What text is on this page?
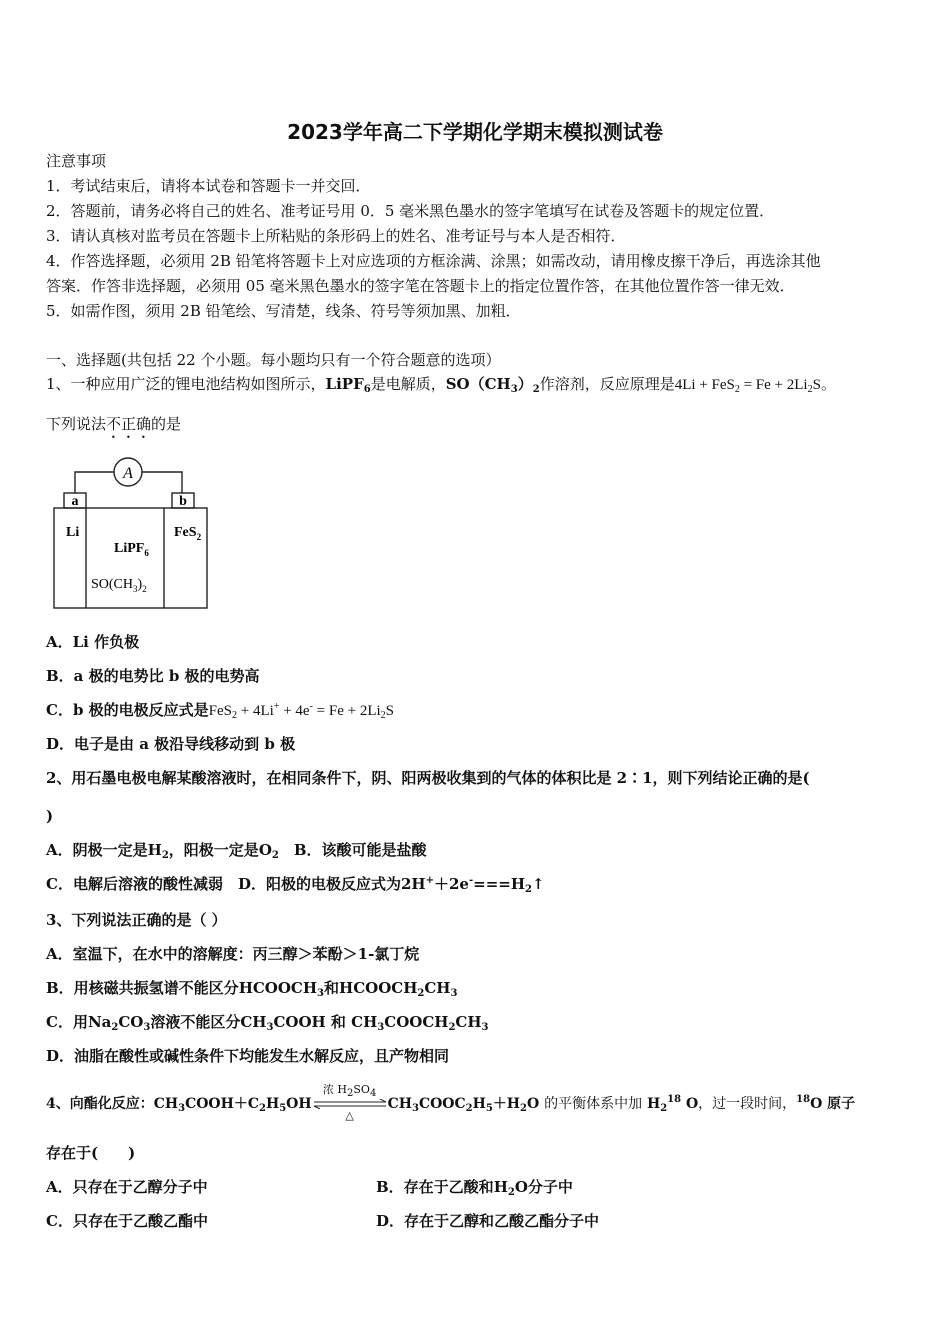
2023学年高二下学期化学期末模拟测试卷
注意事项
1．考试结束后，请将本试卷和答题卡一并交回．
2．答题前，请务必将自己的姓名、准考证号用 0．5 毫米黑色墨水的签字笔填写在试卷及答题卡的规定位置．
3．请认真核对监考员在答题卡上所粘贴的条形码上的姓名、准考证号与本人是否相符．
4．作答选择题，必须用 2B 铅笔将答题卡上对应选项的方框涂满、涂黑；如需改动，请用橡皮擦干净后，再选涂其他
答案．作答非选择题，必须用 05 毫米黑色墨水的签字笔在答题卡上的指定位置作答，在其他位置作答一律无效．
5．如需作图，须用 2B 铅笔绘、写清楚，线条、符号等须加黑、加粗．
一、选择题(共包括 22 个小题。每小题均只有一个符合题意的选项）
1、一种应用广泛的锂电池结构如图所示，LiPF$_6$是电解质，$SO(CH_3)_2$作溶剂，反应原理是$4Li + FeS_2 = Fe + 2Li_2S$。
下列说法不正确的是
A
a	b
Li	FeS$_2$
LiPF$_6$
$SO(CH_3)_2$
A．Li 作负极
B．a 极的电势比 b 极的电势高
C．b 极的电极反应式是$FeS_2 + 4Li^+ + 4e^- = Fe + 2Li_2S$
D．电子是由 a 极沿导线移动到 b 极
2、用石墨电极电解某酸溶液时，在相同条件下，阴、阳两极收集到的气体的体积比是 2∶1，则下列结论正确的是(
)
A．阴极一定是$H_2$，阳极一定是$O_2$　 B．该酸可能是盐酸
C．电解后溶液的酸性减弱　 D．阳极的电极反应式为$2H^++2e^-===H_2↑$
3、下列说法正确的是（ ）
A．室温下，在水中的溶解度：丙三醇＞苯酚＞1-氯丁烷
B．用核磁共振氢谱不能区分$HCOOCH_3$和$HCOOCH_2CH_3$
C．用$Na_2CO_3$溶液不能区分$CH_3COOH$ 和 $CH_3COOCH_2CH_3$
D．油脂在酸性或碱性条件下均能发生水解反应，且产物相同
4、向酯化反应：$CH_3COOH+C_2H_5OH$
浓 $H_2SO_4$
△
$CH_3COOC_2H_5+H_2O$ 的平衡体系中加 $H_2^{18}$ O，过一段时间，$^{18}$O 原子
存在于(　　)
A．只存在于乙醇分子中	B．存在于乙酸和$H_2O$分子中
C．只存在于乙酸乙酯中	D．存在于乙醇和乙酸乙酯分子中
